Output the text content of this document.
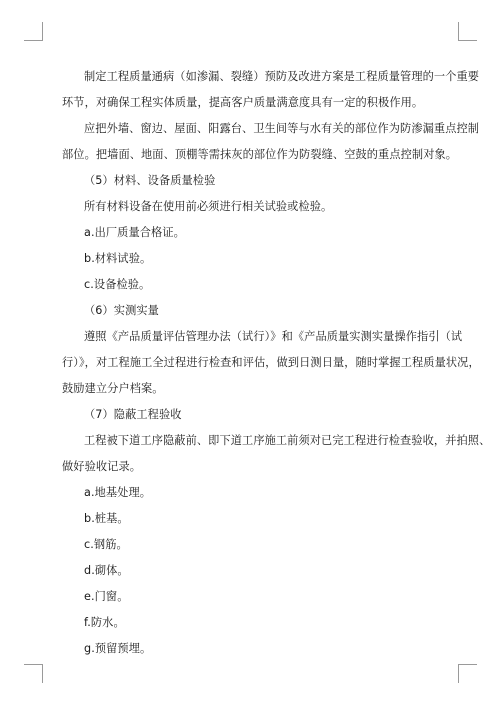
制定工程质量通病（如渗漏、裂缝）预防及改进方案是工程质量管理的一个重要

环节，对确保工程实体质量，提高客户质量满意度具有一定的积极作用。

应把外墙、窗边、屋面、阳露台、卫生间等与水有关的部位作为防渗漏重点控制

部位。把墙面、地面、顶棚等需抹灰的部位作为防裂缝、空鼓的重点控制对象。

（5）材料、设备质量检验

所有材料设备在使用前必须进行相关试验或检验。

a.出厂质量合格证。

b.材料试验。

c.设备检验。

（6）实测实量

遵照《产品质量评估管理办法（试行）》和《产品质量实测实量操作指引（试

行）》，对工程施工全过程进行检查和评估，做到日测日量，随时掌握工程质量状况，

鼓励建立分户档案。

（7）隐蔽工程验收

工程被下道工序隐蔽前、即下道工序施工前须对已完工程进行检查验收，并拍照、

做好验收记录。

a.地基处理。

b.桩基。

c.钢筋。

d.砌体。

e.门窗。

f.防水。

g.预留预埋。
